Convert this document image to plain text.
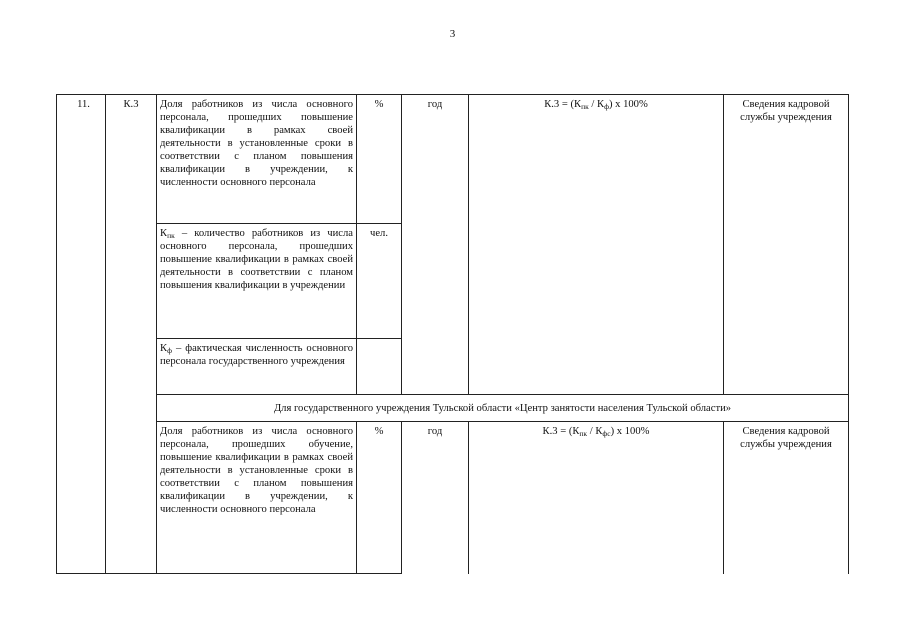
3
11.	К.3	Доля работников из числа основного персонала, прошедших повышение квалификации в рамках своей деятельности в установленные сроки в соответствии с планом повышения квалификации в учреждении, к численности основного персонала	%	год	К.3 = (Кпк / Кф) х 100%	Сведения кадровой службы учреждения
		Кпк – количество работников из числа основного персонала, прошедших повышение квалификации в рамках своей деятельности в соответствии с планом повышения квалификации в учреждении	чел.			
		Кф – фактическая численность основного персонала государственного учреждения				
		Для государственного учреждения Тульской области «Центр занятости населения Тульской области»				
		Доля работников из числа основного персонала, прошедших обучение, повышение квалификации в рамках своей деятельности в установленные сроки в соответствии с планом повышения квалификации в учреждении, к численности основного персонала	%	год	К.3 = (Кпк / Кфс) х 100%	Сведения кадровой службы учреждения
